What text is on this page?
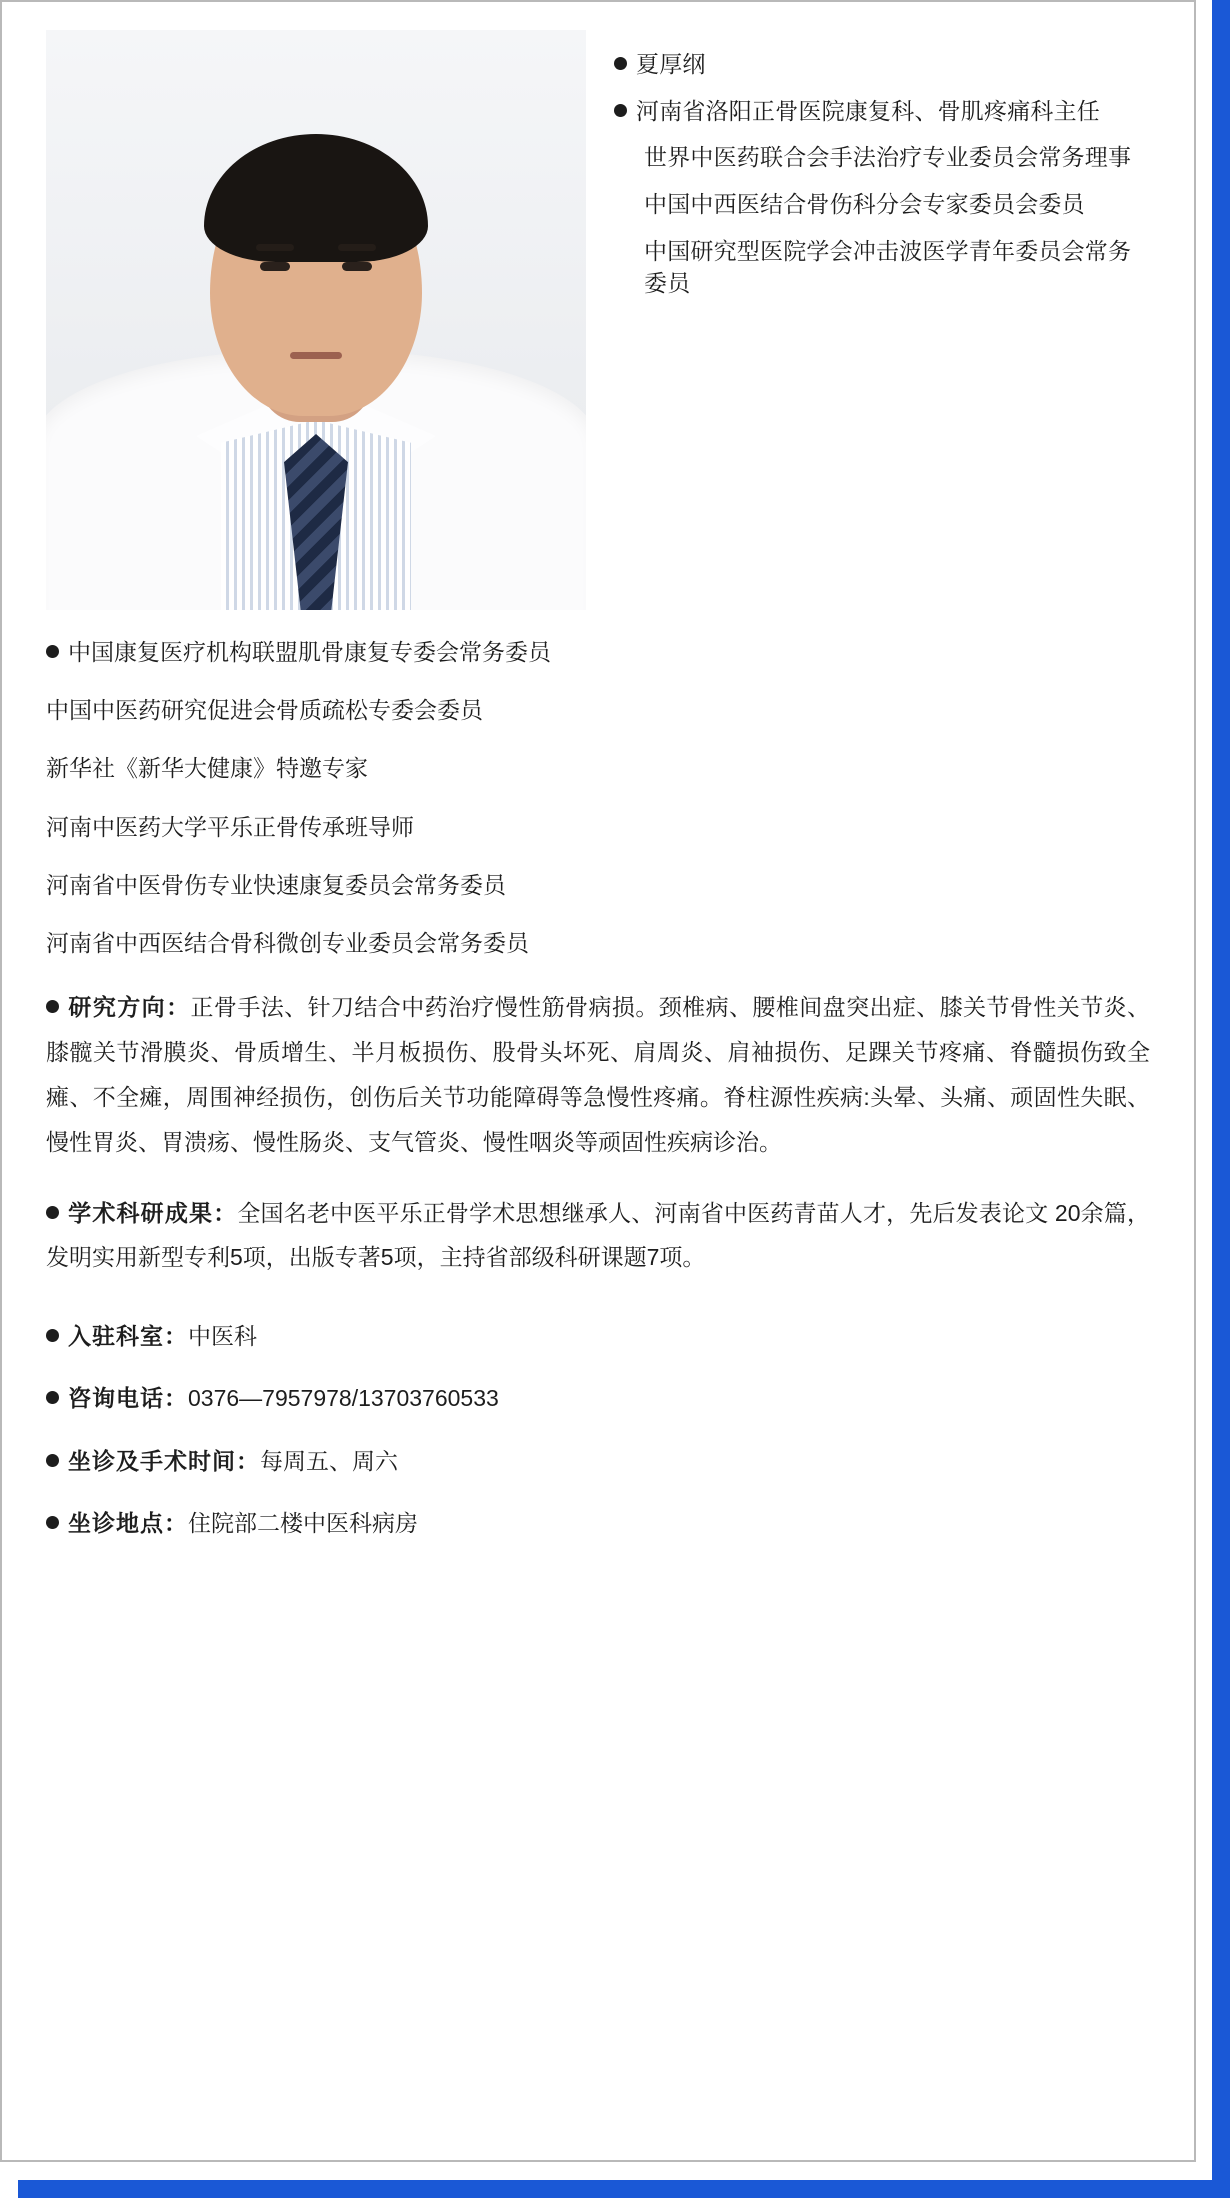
夏厚纲
河南省洛阳正骨医院康复科、骨肌疼痛科主任
世界中医药联合会手法治疗专业委员会常务理事
中国中西医结合骨伤科分会专家委员会委员
中国研究型医院学会冲击波医学青年委员会常务委员
中国康复医疗机构联盟肌骨康复专委会常务委员
中国中医药研究促进会骨质疏松专委会委员
新华社《新华大健康》特邀专家
河南中医药大学平乐正骨传承班导师
河南省中医骨伤专业快速康复委员会常务委员
河南省中西医结合骨科微创专业委员会常务委员
研究方向：正骨手法、针刀结合中药治疗慢性筋骨病损。颈椎病、腰椎间盘突出症、膝关节骨性关节炎、膝髋关节滑膜炎、骨质增生、半月板损伤、股骨头坏死、肩周炎、肩袖损伤、足踝关节疼痛、脊髓损伤致全瘫、不全瘫，周围神经损伤，创伤后关节功能障碍等急慢性疼痛。脊柱源性疾病:头晕、头痛、顽固性失眠、慢性胃炎、胃溃疡、慢性肠炎、支气管炎、慢性咽炎等顽固性疾病诊治。
学术科研成果：全国名老中医平乐正骨学术思想继承人、河南省中医药青苗人才，先后发表论文 20余篇，发明实用新型专利5项，出版专著5项，主持省部级科研课题7项。
入驻科室：中医科
咨询电话：0376—7957978/13703760533
坐诊及手术时间：每周五、周六
坐诊地点：住院部二楼中医科病房
